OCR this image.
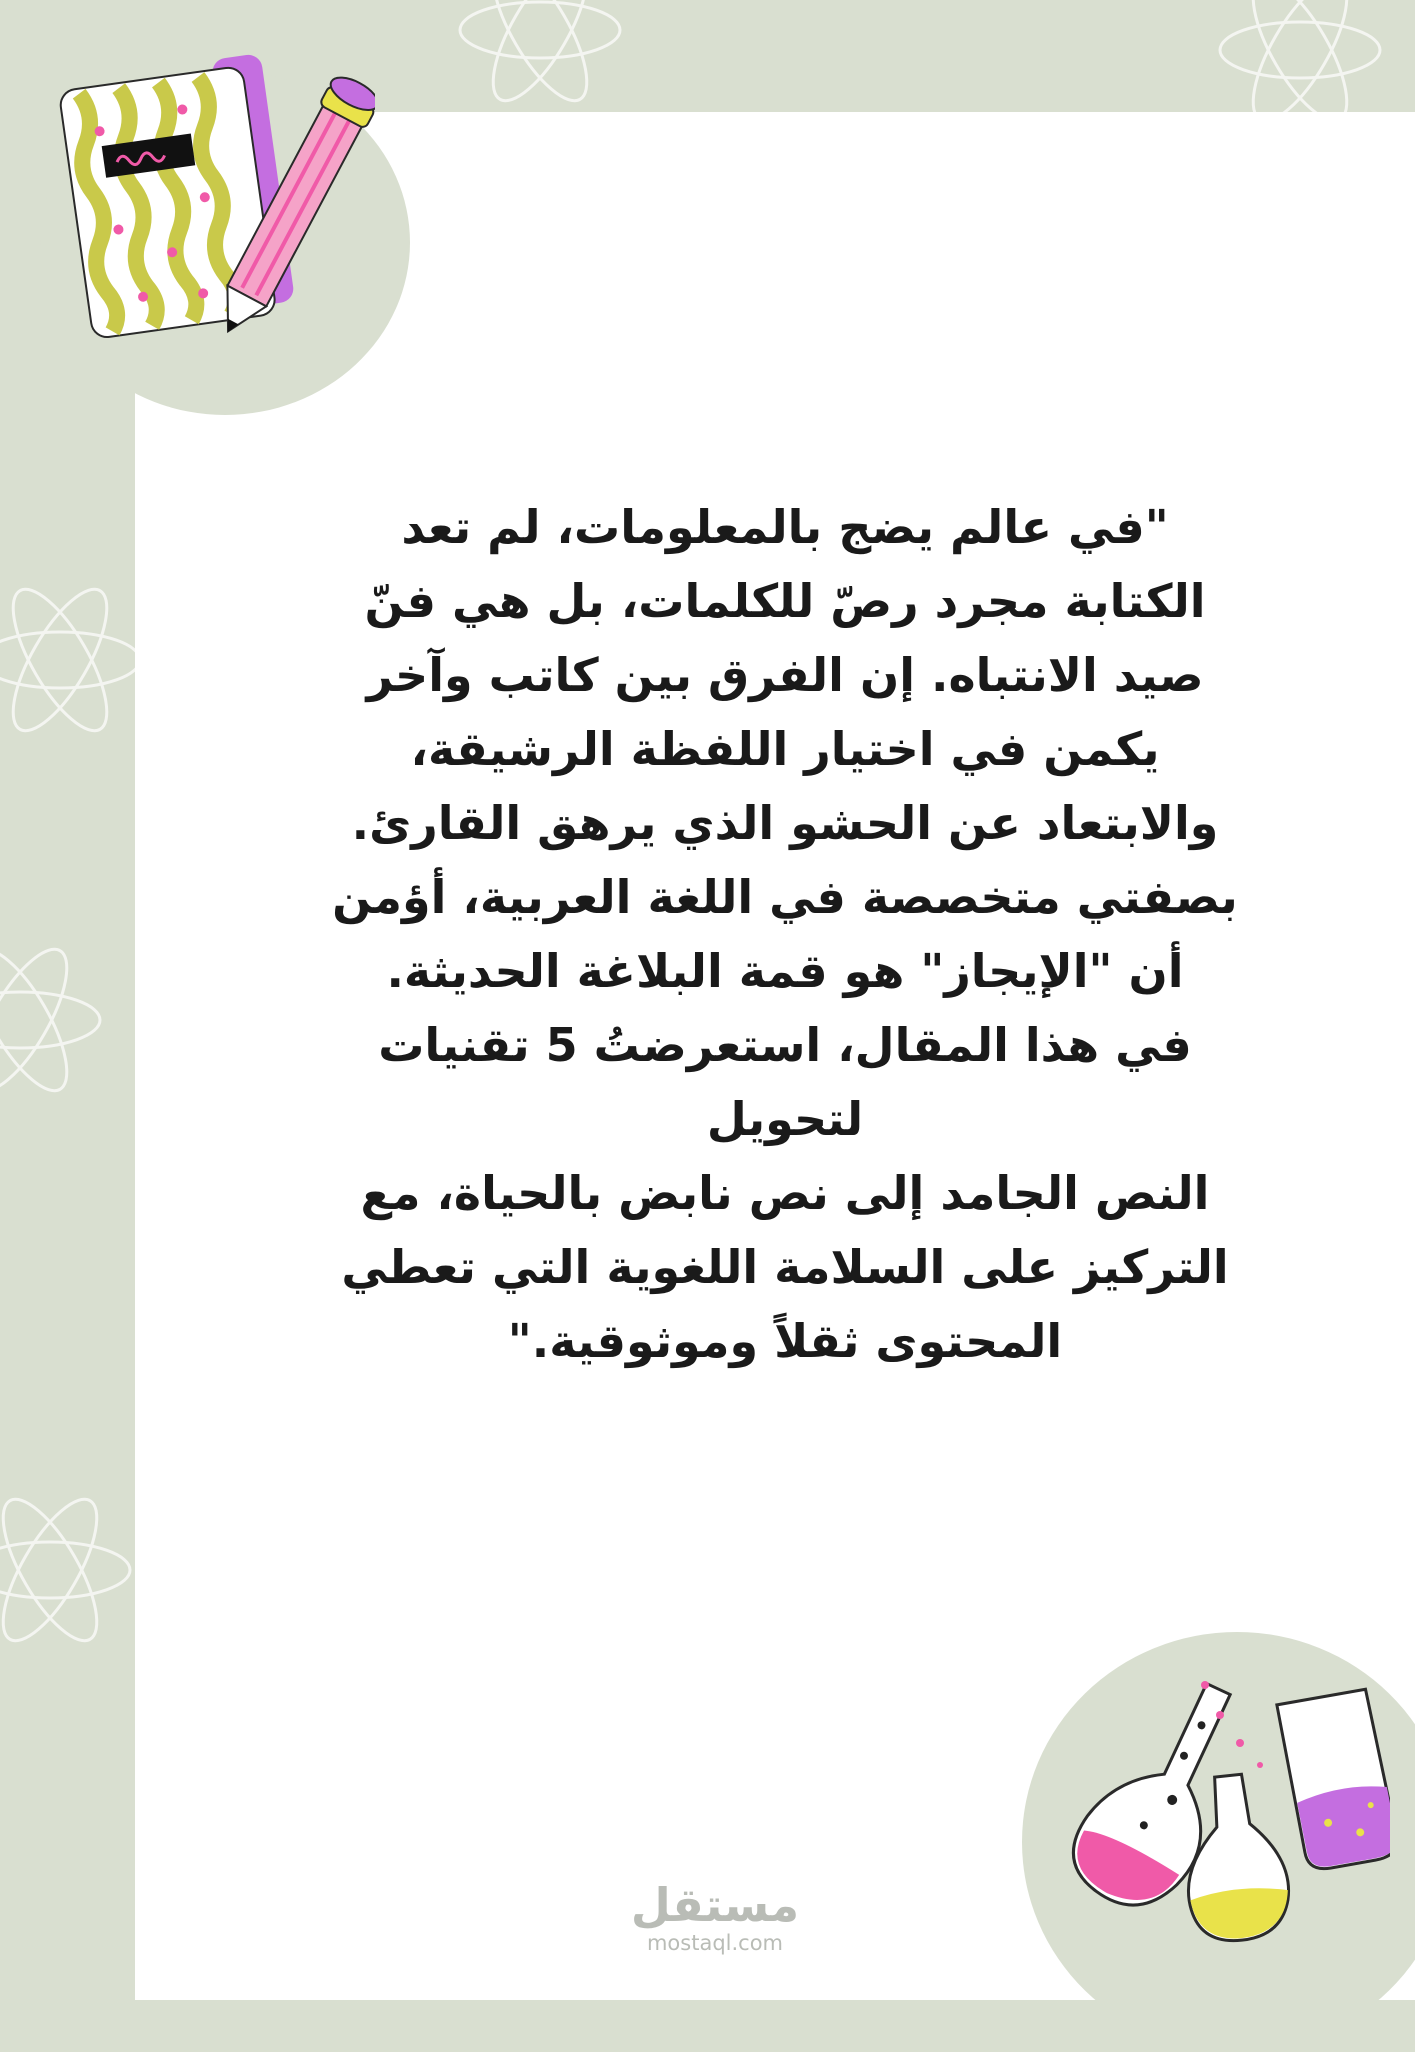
"في عالم يضج بالمعلومات، لم تعد
الكتابة مجرد رصّ للكلمات، بل هي فنّ
صيد الانتباه. إن الفرق بين كاتب وآخر
يكمن في اختيار اللفظة الرشيقة،
والابتعاد عن الحشو الذي يرهق القارئ.
بصفتي متخصصة في اللغة العربية، أؤمن
أن "الإيجاز" هو قمة البلاغة الحديثة.
في هذا المقال، استعرضتُ 5 تقنيات
لتحويل
النص الجامد إلى نص نابض بالحياة، مع
التركيز على السلامة اللغوية التي تعطي
المحتوى ثقلاً وموثوقية."
مستقل
mostaql.com
